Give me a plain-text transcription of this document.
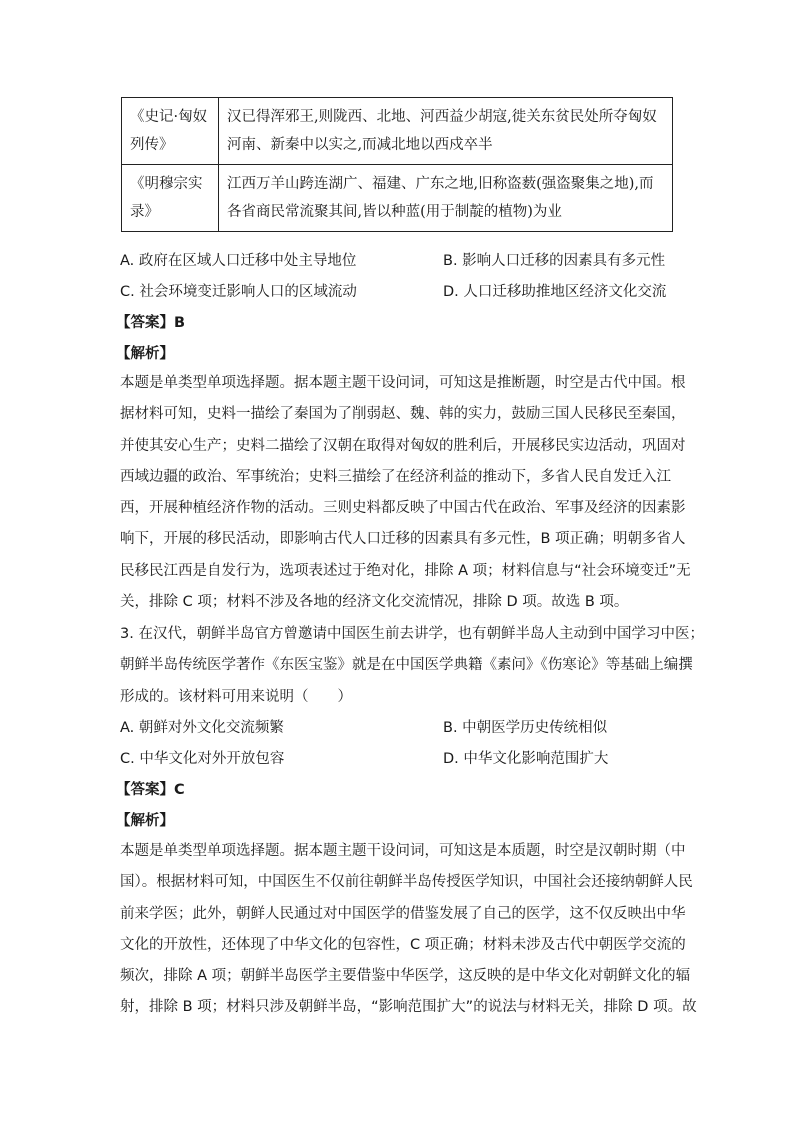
《史记·匈奴列传》	汉已得浑邪王,则陇西、北地、河西益少胡寇,徙关东贫民处所夺匈奴河南、新秦中以实之,而减北地以西戍卒半
《明穆宗实录》	江西万羊山跨连湖广、福建、广东之地,旧称盗薮(强盗聚集之地),而各省商民常流聚其间,皆以种蓝(用于制靛的植物)为业
A. 政府在区域人口迁移中处主导地位	B. 影响人口迁移的因素具有多元性
C. 社会环境变迁影响人口的区域流动	D. 人口迁移助推地区经济文化交流
【答案】B
【解析】
本题是单类型单项选择题。据本题主题干设问词，可知这是推断题，时空是古代中国。根
据材料可知，史料一描绘了秦国为了削弱赵、魏、韩的实力，鼓励三国人民移民至秦国，
并使其安心生产；史料二描绘了汉朝在取得对匈奴的胜利后，开展移民实边活动，巩固对
西域边疆的政治、军事统治；史料三描绘了在经济利益的推动下，多省人民自发迁入江
西，开展种植经济作物的活动。三则史料都反映了中国古代在政治、军事及经济的因素影
响下，开展的移民活动，即影响古代人口迁移的因素具有多元性，B 项正确；明朝多省人
民移民江西是自发行为，选项表述过于绝对化，排除 A 项；材料信息与“社会环境变迁”无
关，排除 C 项；材料不涉及各地的经济文化交流情况，排除 D 项。故选 B 项。
3. 在汉代，朝鲜半岛官方曾邀请中国医生前去讲学，也有朝鲜半岛人主动到中国学习中医；
朝鲜半岛传统医学著作《东医宝鉴》就是在中国医学典籍《素问》《伤寒论》等基础上编撰
形成的。该材料可用来说明（　　）
A. 朝鲜对外文化交流频繁	B. 中朝医学历史传统相似
C. 中华文化对外开放包容	D. 中华文化影响范围扩大
【答案】C
【解析】
本题是单类型单项选择题。据本题主题干设问词，可知这是本质题，时空是汉朝时期（中
国）。根据材料可知，中国医生不仅前往朝鲜半岛传授医学知识，中国社会还接纳朝鲜人民
前来学医；此外，朝鲜人民通过对中国医学的借鉴发展了自己的医学，这不仅反映出中华
文化的开放性，还体现了中华文化的包容性，C 项正确；材料未涉及古代中朝医学交流的
频次，排除 A 项；朝鲜半岛医学主要借鉴中华医学，这反映的是中华文化对朝鲜文化的辐
射，排除 B 项；材料只涉及朝鲜半岛，“影响范围扩大”的说法与材料无关，排除 D 项。故
